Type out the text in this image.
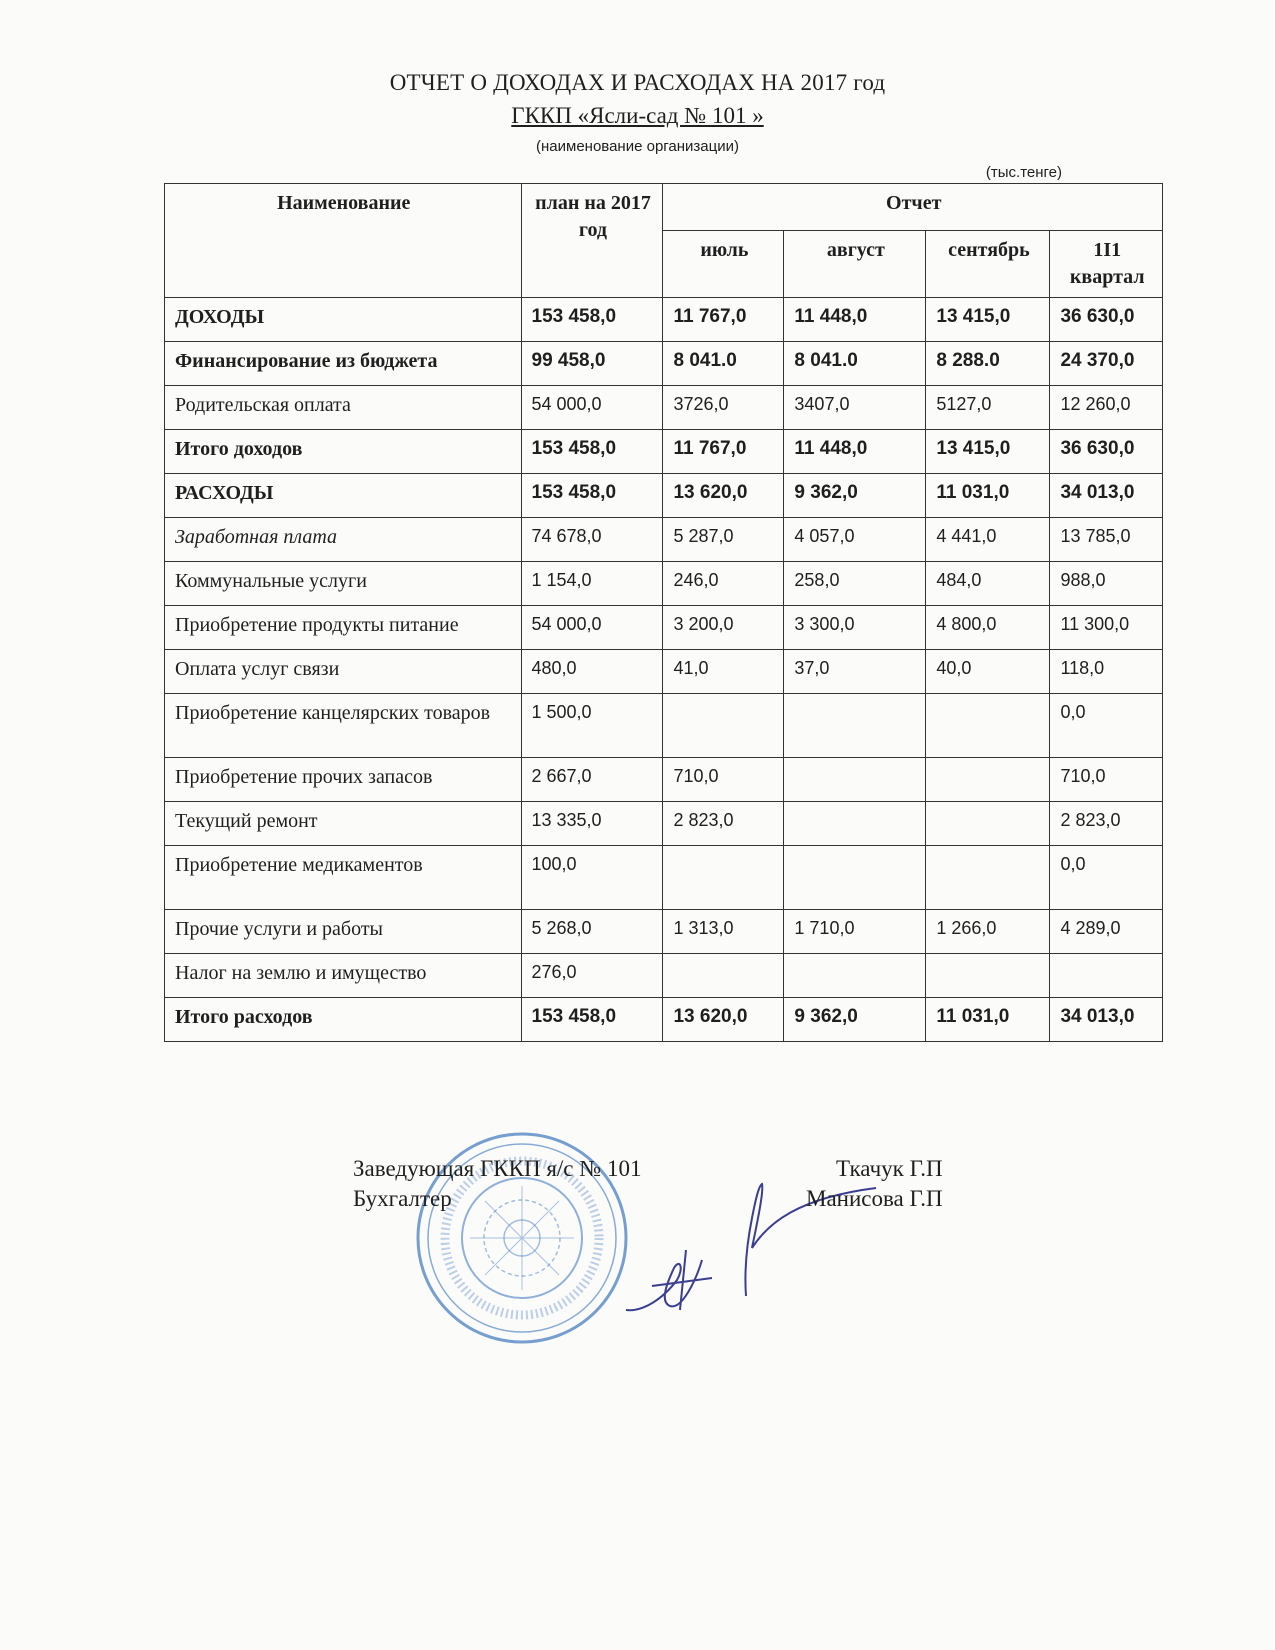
ОТЧЕТ О ДОХОДАХ И РАСХОДАХ НА 2017 год
ГККП «Ясли-сад № 101 »
(наименование организации)
(тыс.тенге)
Наименование	план на 2017 год	Отчет			
		июль	август	сентябрь	1I1 квартал
ДОХОДЫ	153 458,0	11 767,0	11 448,0	13 415,0	36 630,0
Финансирование из бюджета	99 458,0	8 041.0	8 041.0	8 288.0	24 370,0
Родительская оплата	54 000,0	3726,0	3407,0	5127,0	12 260,0
Итого доходов	153 458,0	11 767,0	11 448,0	13 415,0	36 630,0
РАСХОДЫ	153 458,0	13 620,0	9 362,0	11 031,0	34 013,0
Заработная плата	74 678,0	5 287,0	4 057,0	4 441,0	13 785,0
Коммунальные услуги	1 154,0	246,0	258,0	484,0	988,0
Приобретение продукты питание	54 000,0	3 200,0	3 300,0	4 800,0	11 300,0
Оплата услуг связи	480,0	41,0	37,0	40,0	118,0
Приобретение канцелярских товаров	1 500,0				0,0
Приобретение прочих запасов	2 667,0	710,0			710,0
Текущий ремонт	13 335,0	2 823,0			2 823,0
Приобретение медикаментов	100,0				0,0
Прочие услуги и работы	5 268,0	1 313,0	1 710,0	1 266,0	4 289,0
Налог на землю и имущество	276,0				
Итого расходов	153 458,0	13 620,0	9 362,0	11 031,0	34 013,0
Заведующая ГККП я/с № 101	Ткачук Г.П
Бухгалтер	Манисова Г.П
